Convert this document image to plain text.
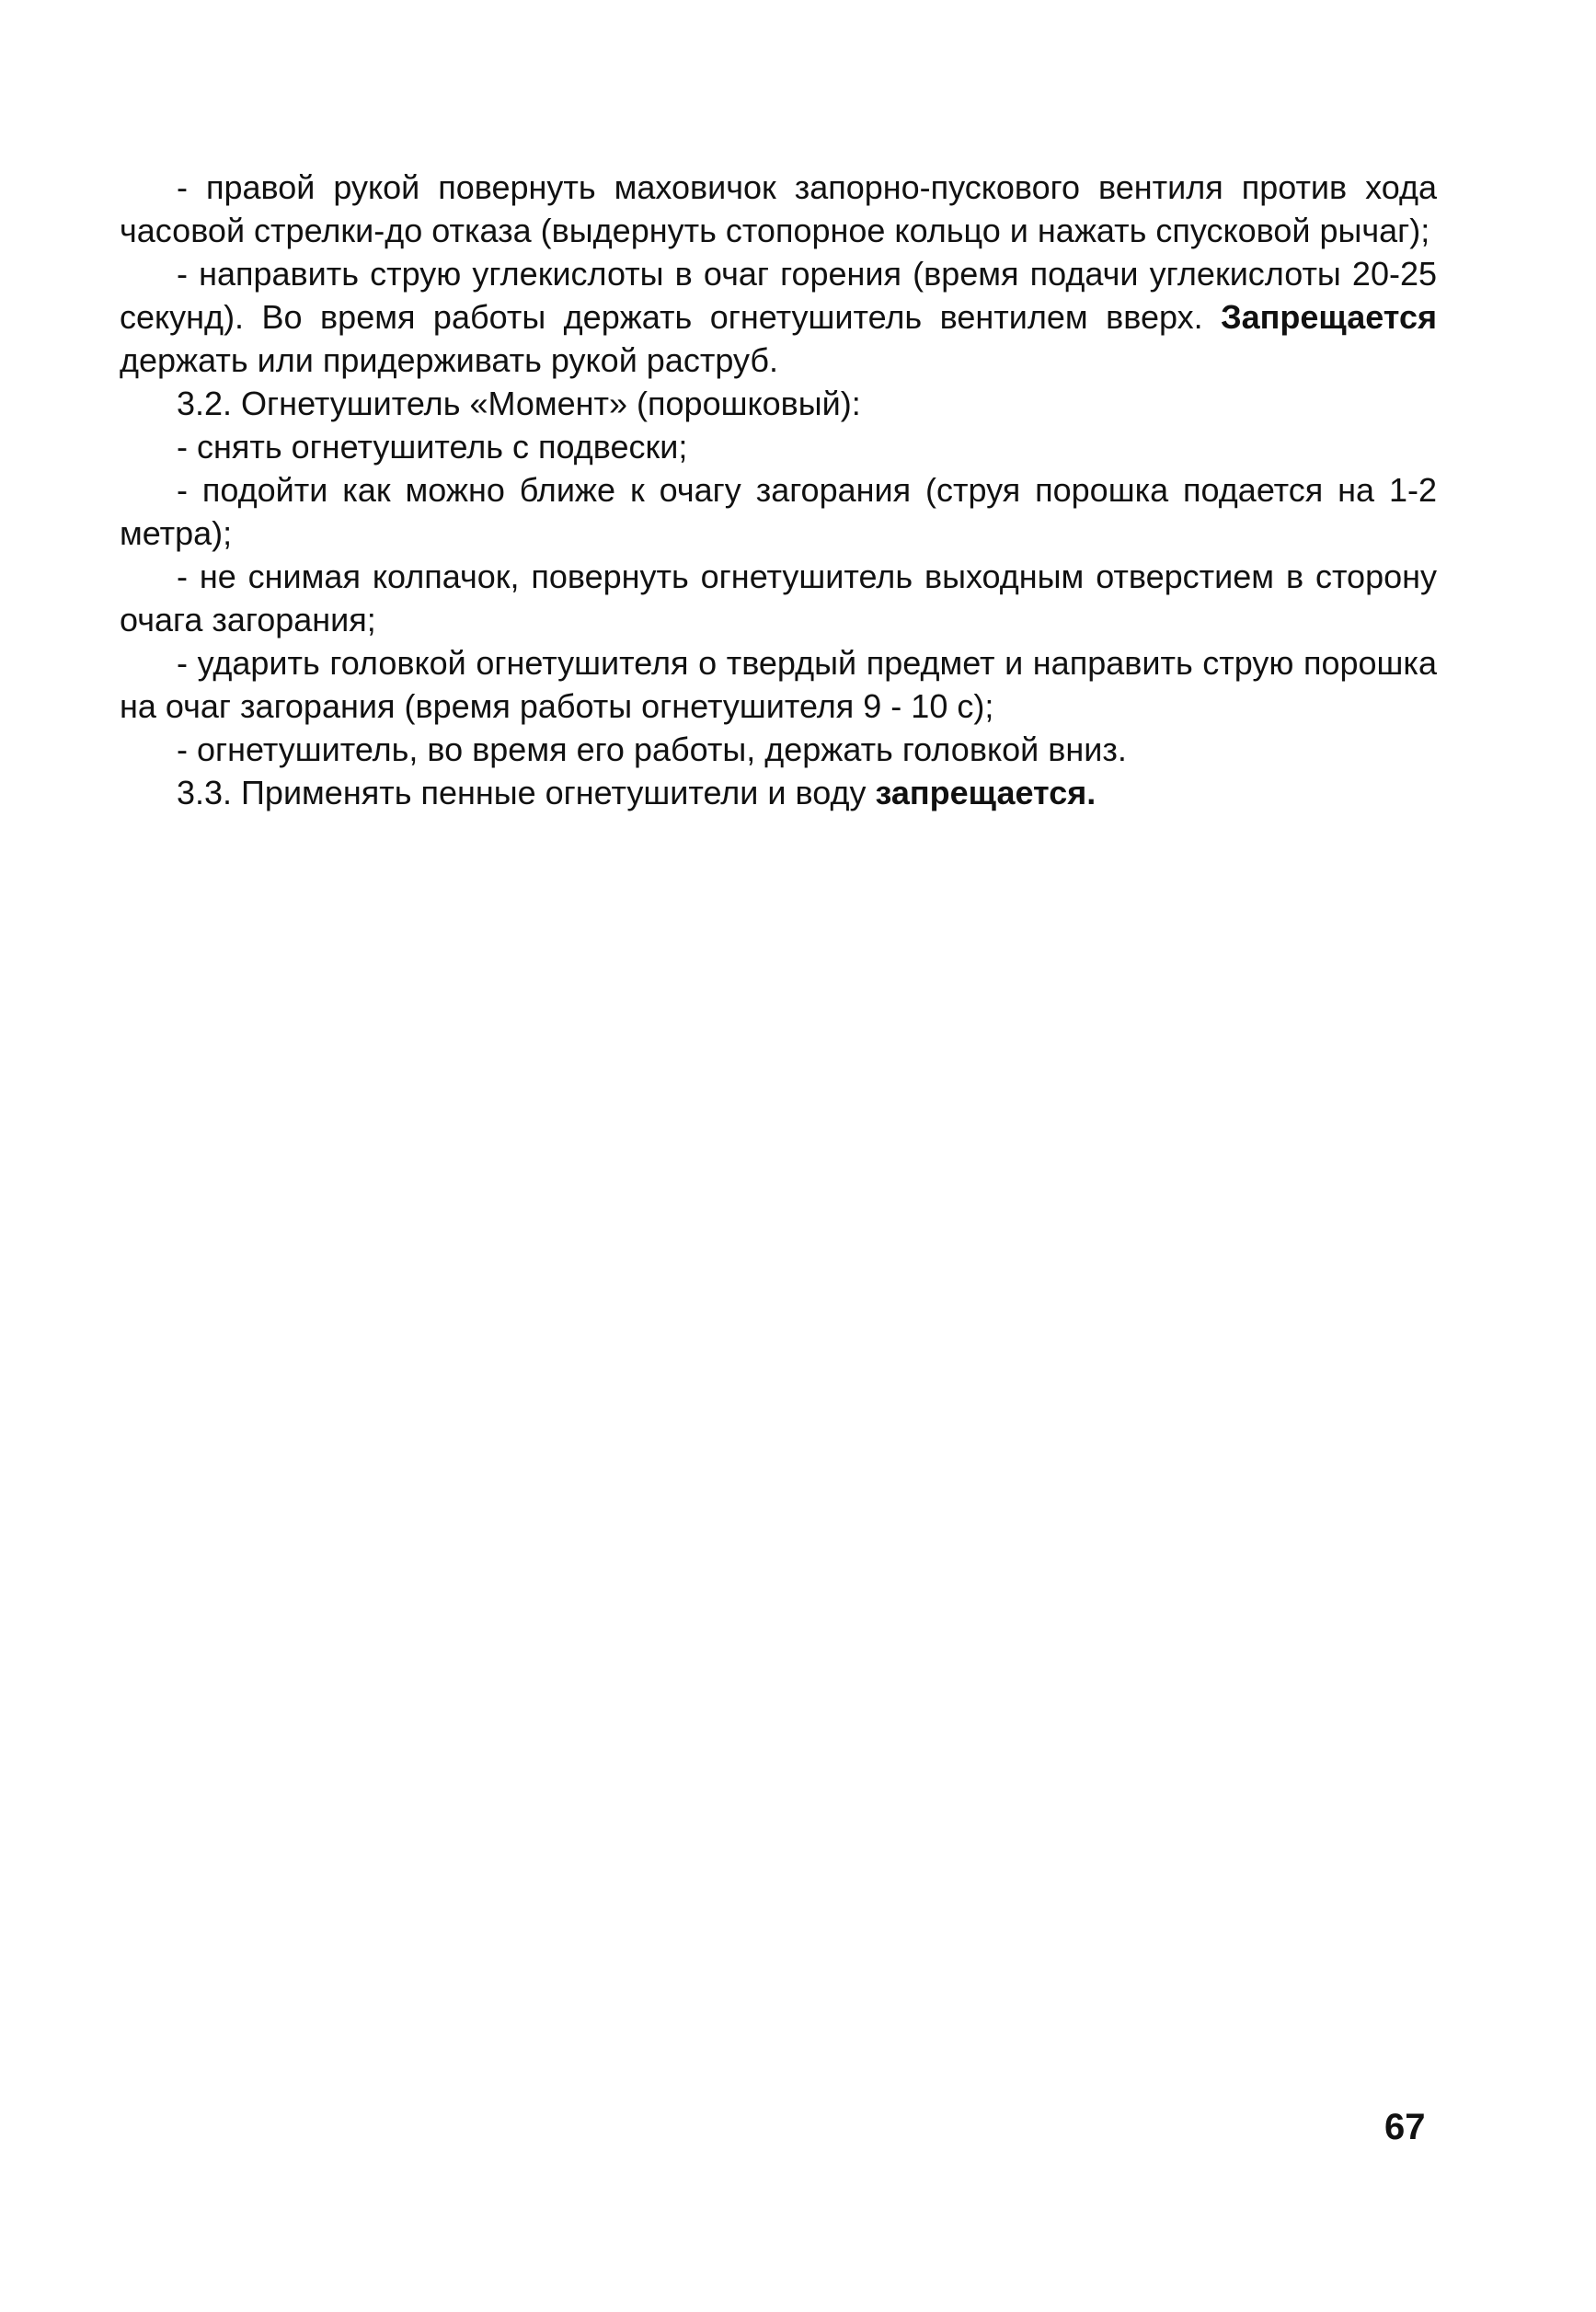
- правой рукой повернуть маховичок запорно-пускового вентиля против хода часовой стрелки-до отказа (выдернуть стопорное кольцо и нажать спусковой рычаг);

- направить струю углекислоты в очаг горения (время подачи углекислоты 20-25 секунд). Во время работы держать огнетушитель вентилем вверх. Запрещается держать или придерживать рукой раструб.

3.2. Огнетушитель «Момент» (порошковый):

- снять огнетушитель с подвески;

- подойти как можно ближе к очагу загорания (струя порошка подается на 1-2 метра);

- не снимая колпачок, повернуть огнетушитель выходным отверстием в сторону очага загорания;

- ударить головкой огнетушителя о твердый предмет и направить струю порошка на очаг загорания (время работы огнетушителя 9 - 10 с);

- огнетушитель, во время его работы, держать головкой вниз.

3.3. Применять пенные огнетушители и воду запрещается.

67
